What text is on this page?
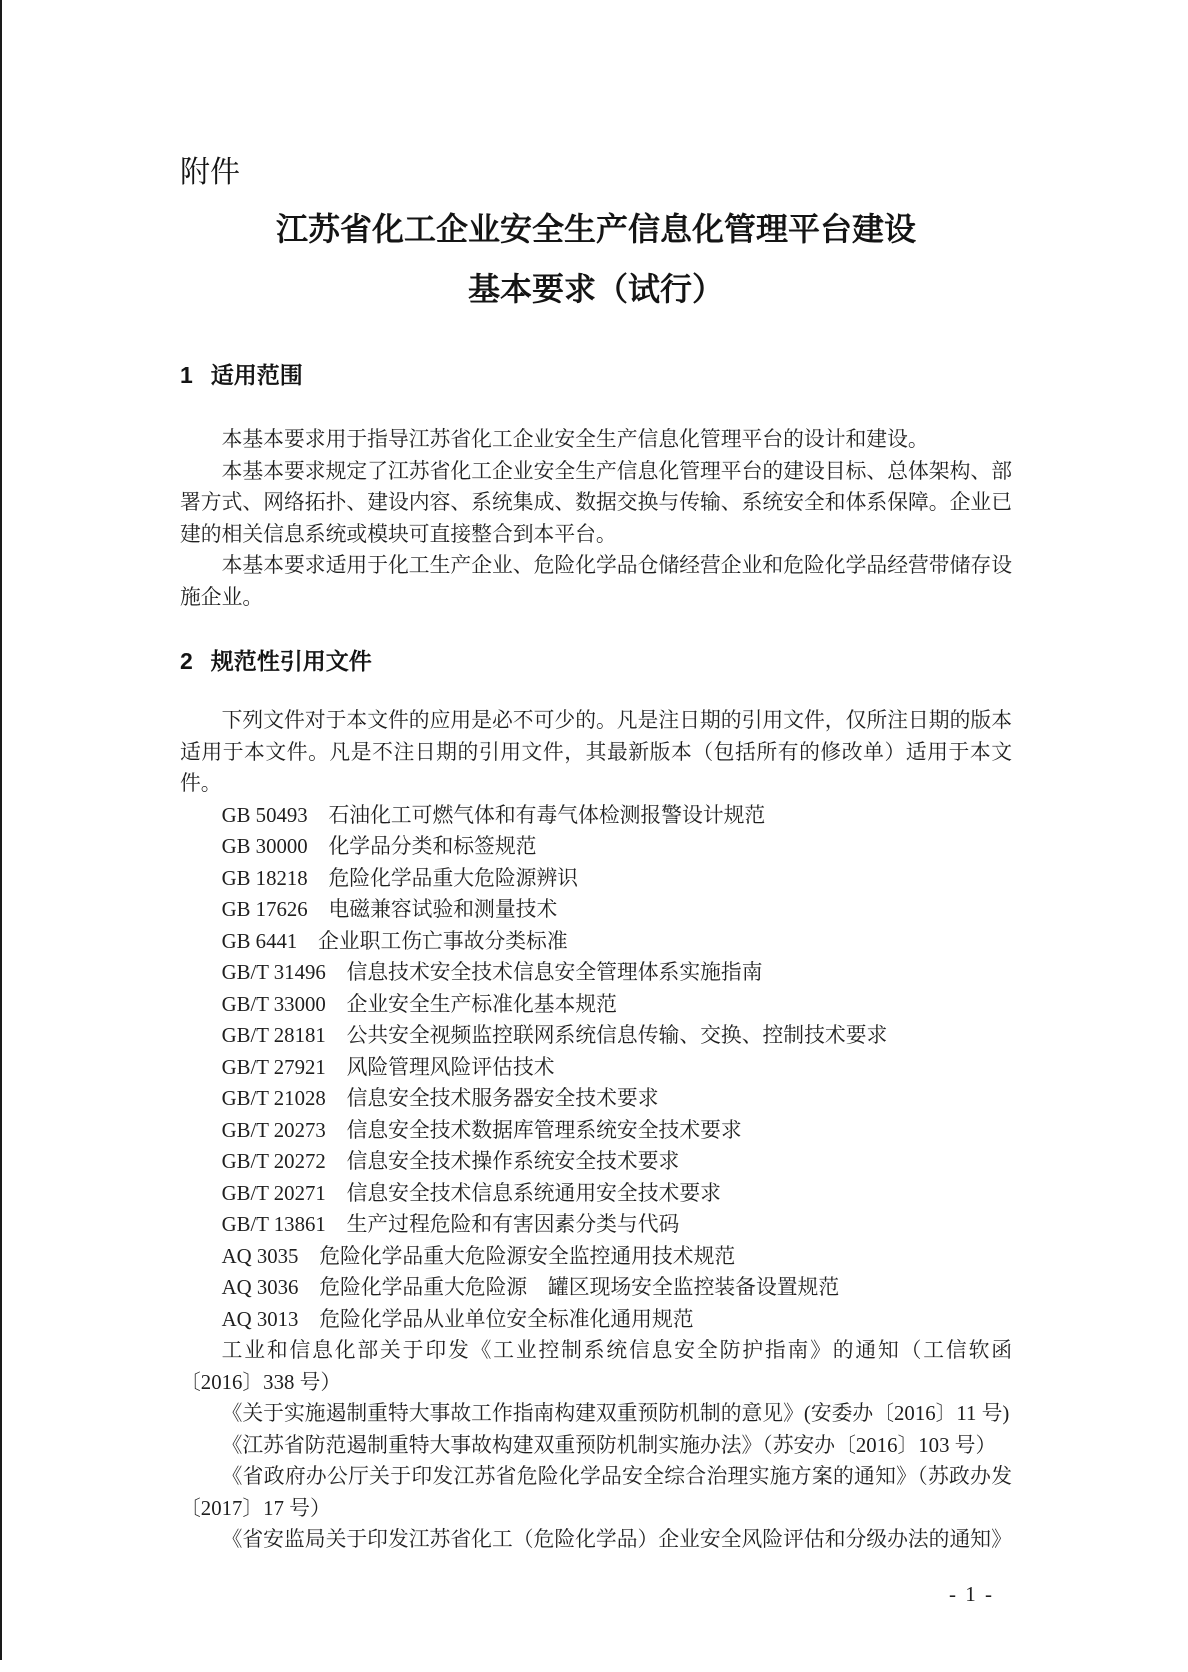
附件
江苏省化工企业安全生产信息化管理平台建设
基本要求（试行）
1 适用范围

本基本要求用于指导江苏省化工企业安全生产信息化管理平台的设计和建设。

本基本要求规定了江苏省化工企业安全生产信息化管理平台的建设目标、总体架构、部署方式、网络拓扑、建设内容、系统集成、数据交换与传输、系统安全和体系保障。企业已建的相关信息系统或模块可直接整合到本平台。

本基本要求适用于化工生产企业、危险化学品仓储经营企业和危险化学品经营带储存设施企业。

2 规范性引用文件

下列文件对于本文件的应用是必不可少的。凡是注日期的引用文件，仅所注日期的版本适用于本文件。凡是不注日期的引用文件，其最新版本（包括所有的修改单）适用于本文件。

GB 50493　石油化工可燃气体和有毒气体检测报警设计规范

GB 30000　化学品分类和标签规范

GB 18218　危险化学品重大危险源辨识

GB 17626　电磁兼容试验和测量技术

GB 6441　企业职工伤亡事故分类标准

GB/T 31496　信息技术安全技术信息安全管理体系实施指南

GB/T 33000　企业安全生产标准化基本规范

GB/T 28181　公共安全视频监控联网系统信息传输、交换、控制技术要求

GB/T 27921　风险管理风险评估技术

GB/T 21028　信息安全技术服务器安全技术要求

GB/T 20273　信息安全技术数据库管理系统安全技术要求

GB/T 20272　信息安全技术操作系统安全技术要求

GB/T 20271　信息安全技术信息系统通用安全技术要求

GB/T 13861　生产过程危险和有害因素分类与代码

AQ 3035　危险化学品重大危险源安全监控通用技术规范

AQ 3036　危险化学品重大危险源　罐区现场安全监控装备设置规范

AQ 3013　危险化学品从业单位安全标准化通用规范

工业和信息化部关于印发《工业控制系统信息安全防护指南》的通知（工信软函〔2016〕338 号）

《关于实施遏制重特大事故工作指南构建双重预防机制的意见》(安委办〔2016〕11 号)

《江苏省防范遏制重特大事故构建双重预防机制实施办法》（苏安办〔2016〕103 号）

《省政府办公厅关于印发江苏省危险化学品安全综合治理实施方案的通知》（苏政办发〔2017〕17 号）

《省安监局关于印发江苏省化工（危险化学品）企业安全风险评估和分级办法的通知》

- 1 -
